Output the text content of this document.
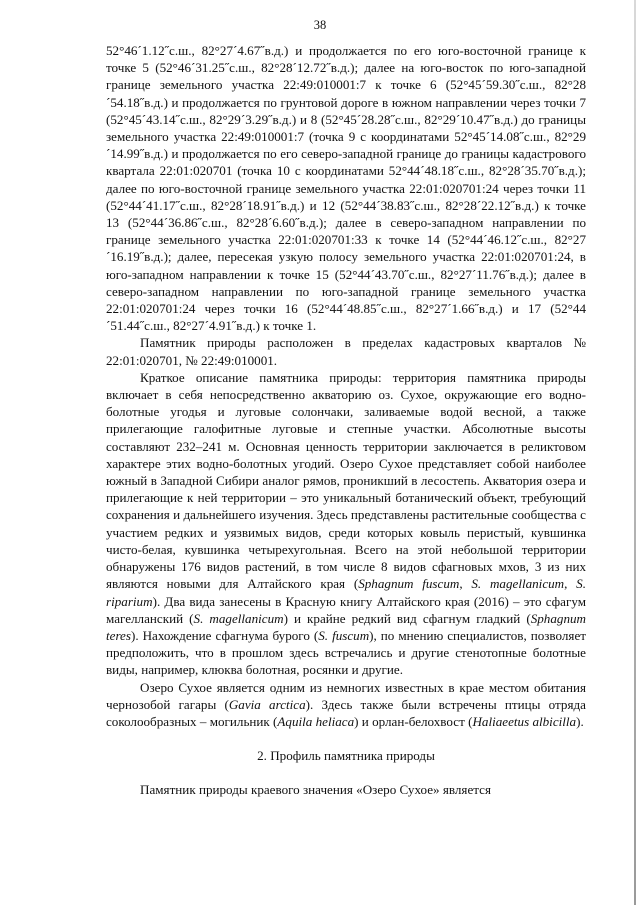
38

52°46´1.12˝с.ш., 82°27´4.67˝в.д.) и продолжается по его юго-восточной границе к точке 5 (52°46´31.25˝с.ш., 82°28´12.72˝в.д.); далее на юго-восток по юго-западной границе земельного участка 22:49:010001:7 к точке 6 (52°45´59.30˝с.ш., 82°28´54.18˝в.д.) и продолжается по грунтовой дороге в южном направлении через точки 7 (52°45´43.14˝с.ш., 82°29´3.29˝в.д.) и 8 (52°45´28.28˝с.ш., 82°29´10.47˝в.д.) до границы земельного участка 22:49:010001:7 (точка 9 с координатами 52°45´14.08˝с.ш., 82°29´14.99˝в.д.) и продолжается по его северо-западной границе до границы кадастрового квартала 22:01:020701 (точка 10 с координатами 52°44´48.18˝с.ш., 82°28´35.70˝в.д.); далее по юго-восточной границе земельного участка 22:01:020701:24 через точки 11 (52°44´41.17˝с.ш., 82°28´18.91˝в.д.) и 12 (52°44´38.83˝с.ш., 82°28´22.12˝в.д.) к точке 13 (52°44´36.86˝с.ш., 82°28´6.60˝в.д.); далее в северо-западном направлении по границе земельного участка 22:01:020701:33 к точке 14 (52°44´46.12˝с.ш., 82°27´16.19˝в.д.); далее, пересекая узкую полосу земельного участка 22:01:020701:24, в юго-западном направлении к точке 15 (52°44´43.70˝с.ш., 82°27´11.76˝в.д.); далее в северо-западном направлении по юго-западной границе земельного участка 22:01:020701:24 через точки 16 (52°44´48.85˝с.ш., 82°27´1.66˝в.д.) и 17 (52°44´51.44˝с.ш., 82°27´4.91˝в.д.) к точке 1.

Памятник природы расположен в пределах кадастровых кварталов № 22:01:020701, № 22:49:010001.

Краткое описание памятника природы: территория памятника природы включает в себя непосредственно акваторию оз. Сухое, окружающие его водно-болотные угодья и луговые солончаки, заливаемые водой весной, а также прилегающие галофитные луговые и степные участки. Абсолютные высоты составляют 232–241 м. Основная ценность территории заключается в реликтовом характере этих водно-болотных угодий. Озеро Сухое представляет собой наиболее южный в Западной Сибири аналог рямов, проникший в лесостепь. Акватория озера и прилегающие к ней территории – это уникальный ботанический объект, требующий сохранения и дальнейшего изучения. Здесь представлены растительные сообщества с участием редких и уязвимых видов, среди которых ковыль перистый, кувшинка чисто-белая, кувшинка четырехугольная. Всего на этой небольшой территории обнаружены 176 видов растений, в том числе 8 видов сфагновых мхов, 3 из них являются новыми для Алтайского края (Sphagnum fuscum, S. magellanicum, S. riparium). Два вида занесены в Красную книгу Алтайского края (2016) – это сфагум магелланский (S. magellanicum) и крайне редкий вид сфагнум гладкий (Sphagnum teres). Нахождение сфагнума бурого (S. fuscum), по мнению специалистов, позволяет предположить, что в прошлом здесь встречались и другие стенотопные болотные виды, например, клюква болотная, росянки и другие.

Озеро Сухое является одним из немногих известных в крае местом обитания чернозобой гагары (Gavia arctica). Здесь также были встречены птицы отряда соколообразных – могильник (Aquila heliaca) и орлан-белохвост (Haliaeetus albicilla).

2. Профиль памятника природы

Памятник природы краевого значения «Озеро Сухое» является
